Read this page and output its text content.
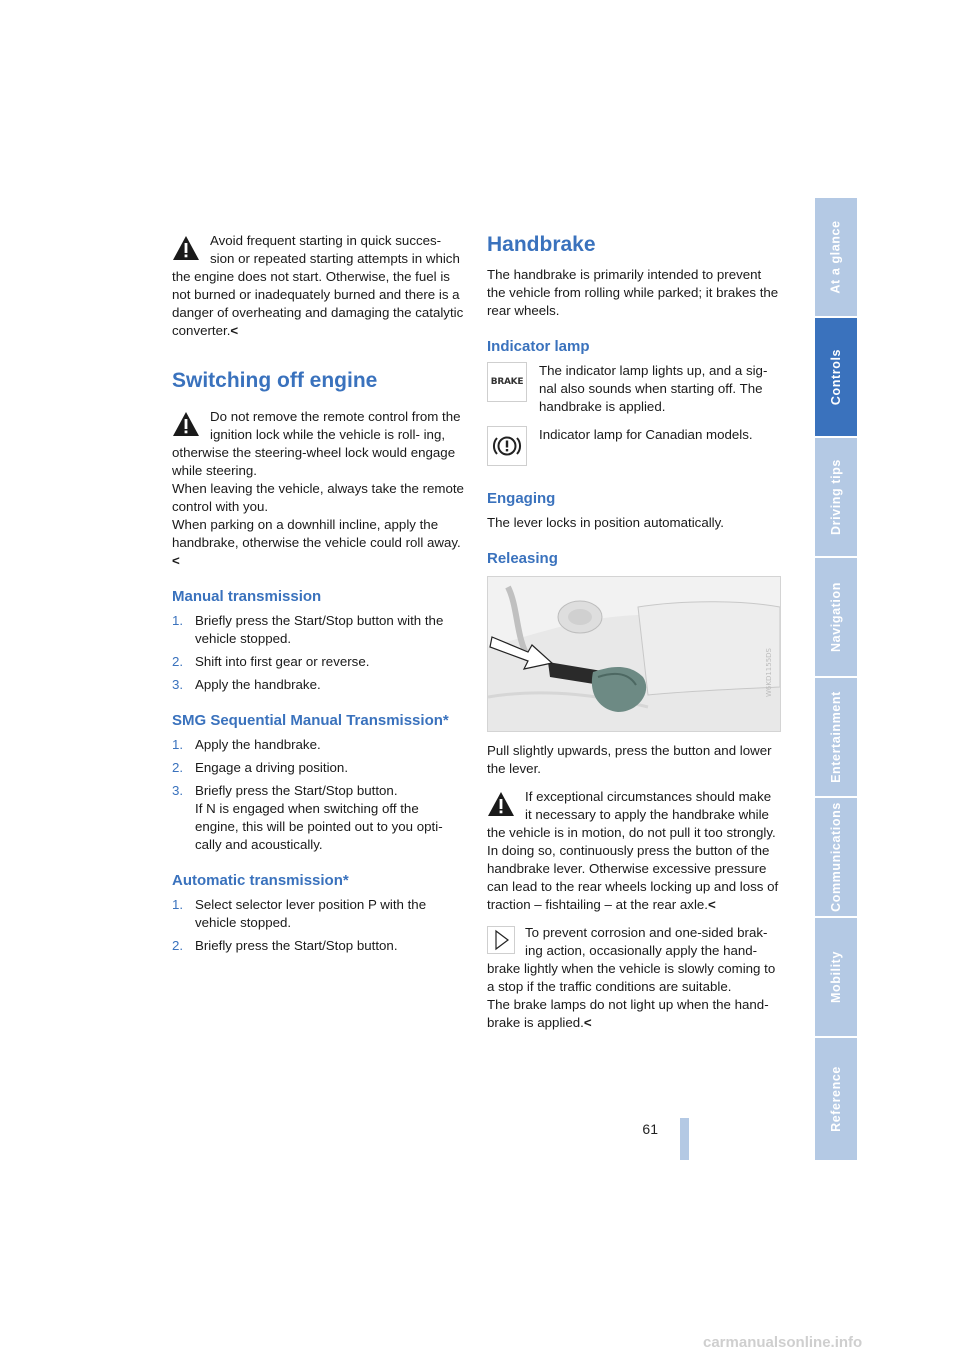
Avoid frequent starting in quick succes-sion or repeated starting attempts in which the engine does not start. Otherwise, the fuel is not burned or inadequately burned and there is a danger of overheating and damaging the catalytic converter.<

Switching off engine

Do not remove the remote control from the ignition lock while the vehicle is roll- ing, otherwise the steering-wheel lock would engage while steering.

When leaving the vehicle, always take the remote control with you.

When parking on a downhill incline, apply the handbrake, otherwise the vehicle could roll away.<

Manual transmission
1. Briefly press the Start/Stop button with the vehicle stopped.
2. Shift into first gear or reverse.
3. Apply the handbrake.
SMG Sequential Manual Transmission*
1. Apply the handbrake.
2. Engage a driving position.
3. Briefly press the Start/Stop button.
If N is engaged when switching off the engine, this will be pointed out to you opti-cally and acoustically.
Automatic transmission*
1. Select selector lever position P with the vehicle stopped.
2. Briefly press the Start/Stop button.
Handbrake

The handbrake is primarily intended to prevent the vehicle from rolling while parked; it brakes the rear wheels.

Indicator lamp
BRAKE

The indicator lamp lights up, and a sig-nal also sounds when starting off. The handbrake is applied.

Indicator lamp for Canadian models.

Engaging

The lever locks in position automatically.

Releasing
W6KD1155DS

Pull slightly upwards, press the button and lower the lever.

If exceptional circumstances should make it necessary to apply the handbrake while the vehicle is in motion, do not pull it too strongly. In doing so, continuously press the button of the handbrake lever. Otherwise excessive pressure can lead to the rear wheels locking up and loss of traction – fishtailing – at the rear axle.<

To prevent corrosion and one-sided brak-ing action, occasionally apply the hand- brake lightly when the vehicle is slowly coming to a stop if the traffic conditions are suitable.

The brake lamps do not light up when the hand-brake is applied.<

At a glance
Controls
Driving tips
Navigation
Entertainment
Communications
Mobility
Reference
61
carmanualsonline.info
